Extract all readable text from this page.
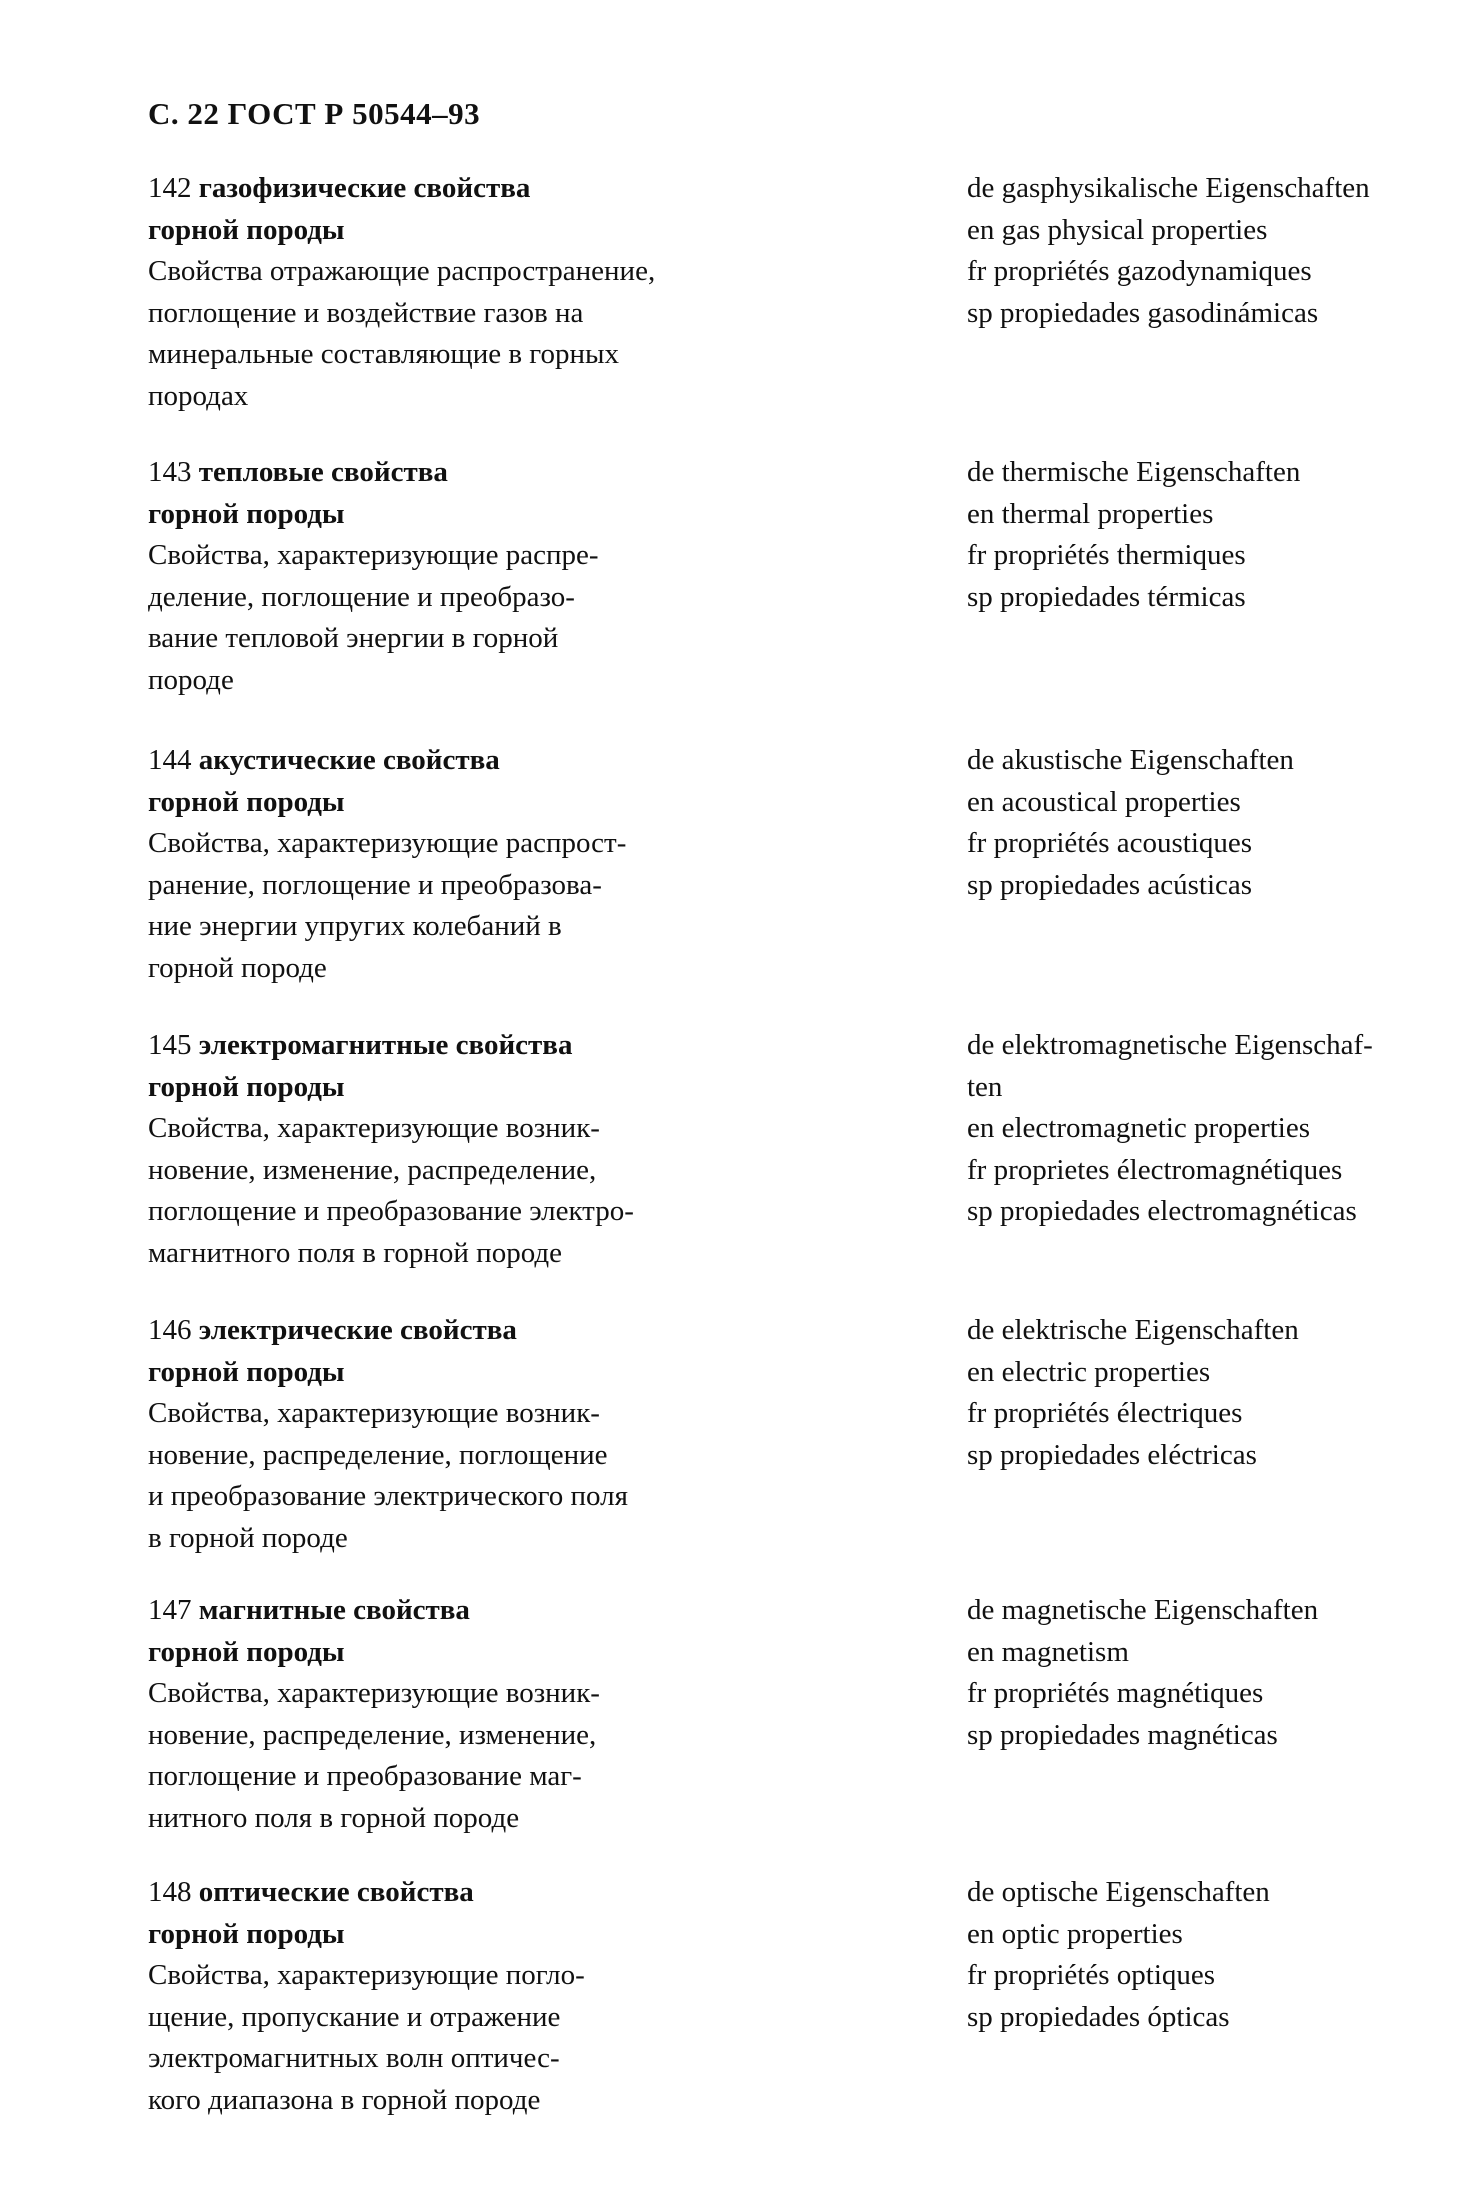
С. 22 ГОСТ Р 50544–93
142 газофизические свойства
горной породы
Свойства отражающие распространение,
поглощение и воздействие газов на
минеральные составляющие в горных
породах
de gasphysikalische Eigenschaften
en gas physical properties
fr propriétés gazodynamiques
sp propiedades gasodinámicas
143 тепловые свойства
горной породы
Свойства, характеризующие распре-
деление, поглощение и преобразо-
вание тепловой энергии в горной
породе
de thermische Eigenschaften
en thermal properties
fr propriétés thermiques
sp propiedades térmicas
144 акустические свойства
горной породы
Свойства, характеризующие распрост-
ранение, поглощение и преобразова-
ние энергии упругих колебаний в
горной породе
de akustische Eigenschaften
en acoustical properties
fr propriétés acoustiques
sp propiedades acústicas
145 электромагнитные свойства
горной породы
Свойства, характеризующие возник-
новение, изменение, распределение,
поглощение и преобразование электро-
магнитного поля в горной породе
de elektromagnetische Eigenschaf-
ten
en electromagnetic properties
fr proprietes électromagnétiques
sp propiedades electromagnéticas
146 электрические свойства
горной породы
Свойства, характеризующие возник-
новение, распределение, поглощение
и преобразование электрического поля
в горной породе
de elektrische Eigenschaften
en electric properties
fr propriétés électriques
sp propiedades eléctricas
147 магнитные свойства
горной породы
Свойства, характеризующие возник-
новение, распределение, изменение,
поглощение и преобразование маг-
нитного поля в горной породе
de magnetische Eigenschaften
en magnetism
fr propriétés magnétiques
sp propiedades magnéticas
148 оптические свойства
горной породы
Свойства, характеризующие погло-
щение, пропускание и отражение
электромагнитных волн оптичес-
кого диапазона в горной породе
de optische Eigenschaften
en optic properties
fr propriétés optiques
sp propiedades ópticas
